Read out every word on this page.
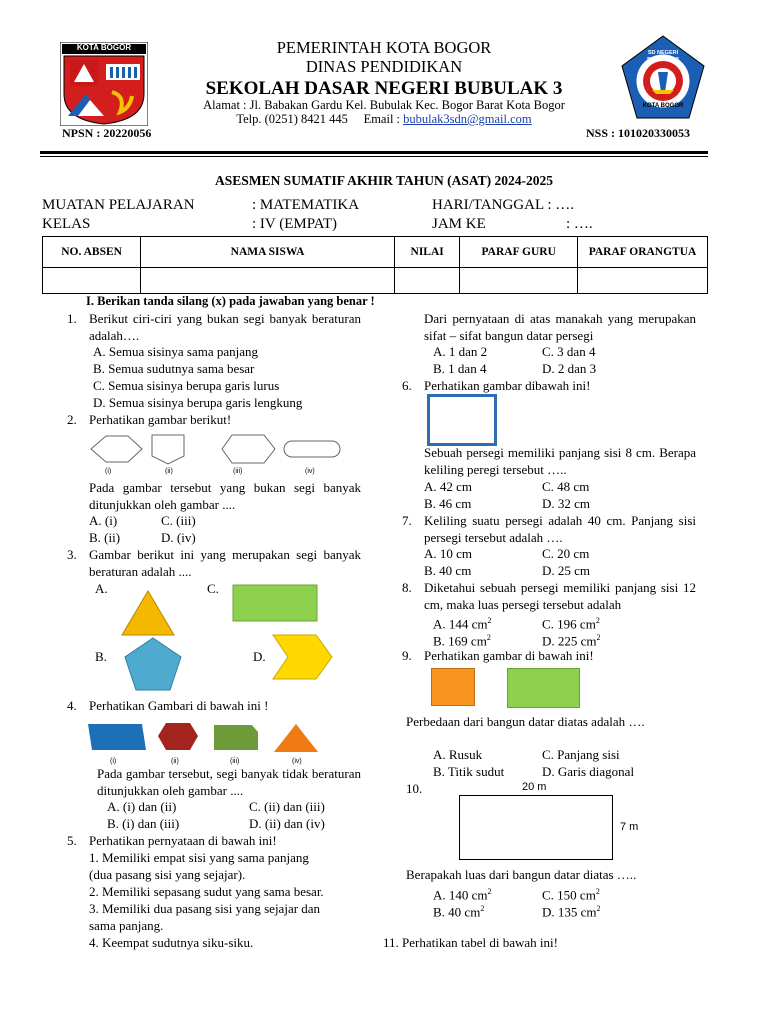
KOTA BOGOR	PEMERINTAH KOTA BOGOR
DINAS PENDIDIKAN
SEKOLAH DASAR NEGERI BUBULAK 3
Alamat : Jl. Babakan Gardu Kel. Bubulak Kec. Bogor Barat Kota Bogor
Telp. (0251) 8421 445 Email : bubulak3sdn@gmail.com
NPSN : 20220056	NSS : 101020330053
SD NEGERI BUBULAK 3
KOTA BOGOR
ASESMEN SUMATIF AKHIR TAHUN (ASAT) 2024-2025
MUATAN PELAJARAN	: MATEMATIKA	HARI/TANGGAL : ….
KELAS	: IV (EMPAT)	JAM KE	: ….
NO. ABSEN	NAMA SISWA	NILAI	PARAF GURU	PARAF ORANGTUA

I. Berikan tanda silang (x) pada jawaban yang benar !
1. Berikut ciri-ciri yang bukan segi banyak beraturan adalah….
A. Semua sisinya sama panjang
B. Semua sudutnya sama besar
C. Semua sisinya berupa garis lurus
D. Semua sisinya berupa garis lengkung
2. Perhatikan gambar berikut!
(i)	(ii)	(iii)	(iv)
Pada gambar tersebut yang bukan segi banyak ditunjukkan oleh gambar ....
A. (i)	C. (iii)
B. (ii)	D. (iv)
3. Gambar berikut ini yang merupakan segi banyak beraturan adalah ....
A.	C.
B.	D.
4. Perhatikan Gambari di bawah ini !
(i)	(ii)	(iii)	(iv)
Pada gambar tersebut, segi banyak tidak beraturan ditunjukkan oleh gambar ....
A. (i) dan (ii)	C. (ii) dan (iii)
B. (i) dan (iii)	D. (ii) dan (iv)
5. Perhatikan pernyataan di bawah ini!
1. Memiliki empat sisi yang sama panjang
(dua pasang sisi yang sejajar).
2. Memiliki sepasang sudut yang sama besar.
3. Memiliki dua pasang sisi yang sejajar dan
sama panjang.
4. Keempat sudutnya siku-siku.
Dari pernyataan di atas manakah yang merupakan sifat – sifat bangun datar persegi
A. 1 dan 2	C. 3 dan 4
B. 1 dan 4	D. 2 dan 3
6. Perhatikan gambar dibawah ini!
Sebuah persegi memiliki panjang sisi 8 cm. Berapa keliling peregi tersebut …..
A. 42 cm	C. 48 cm
B. 46 cm	D. 32 cm
7. Keliling suatu persegi adalah 40 cm. Panjang sisi persegi tersebut adalah ….
A. 10 cm	C. 20 cm
B. 40 cm	D. 25 cm
8. Diketahui sebuah persegi memiliki panjang sisi 12 cm, maka luas persegi tersebut adalah
A. 144 $cm^2$	C. 196 $cm^2$
B. 169 $cm^2$	D. 225 $cm^2$
9. Perhatikan gambar di bawah ini!
Perbedaan dari bangun datar diatas adalah ….
A. Rusuk	C. Panjang sisi
B. Titik sudut	D. Garis diagonal
10.	20 m
7 m
Berapakah luas dari bangun datar diatas …..
A. 140 $cm^2$	C. 150 $cm^2$
B. 40 $cm^2$	D. 135 $cm^2$
11. Perhatikan tabel di bawah ini!
